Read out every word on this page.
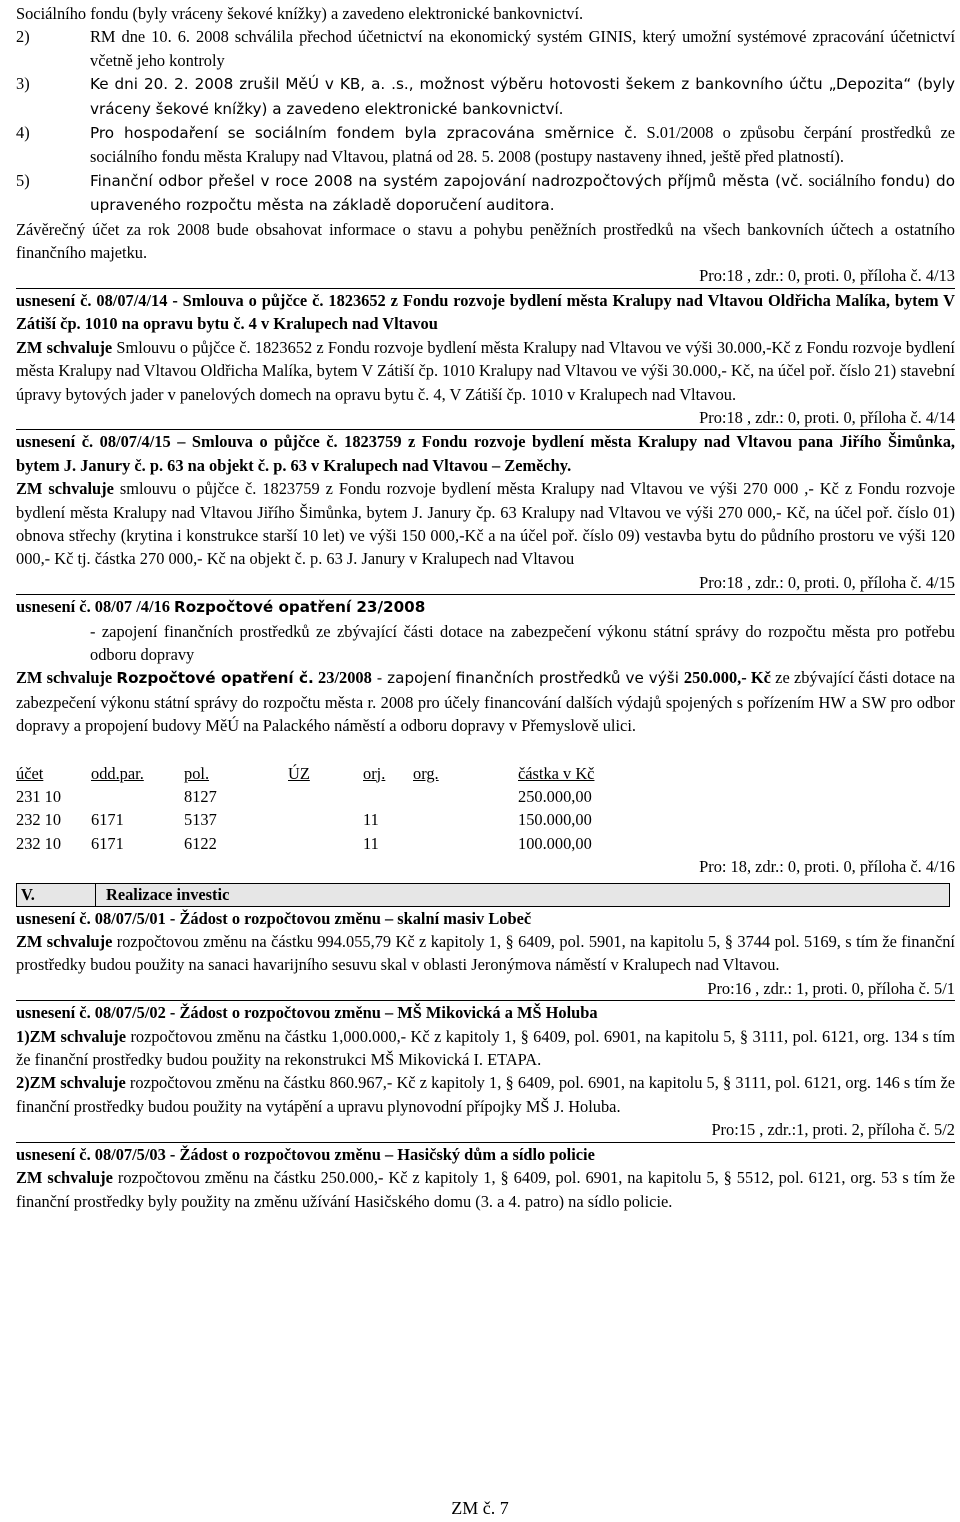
Sociálního fondu (byly vráceny šekové knížky) a zavedeno elektronické bankovnictví.

2)	RM dne 10. 6. 2008 schválila přechod účetnictví na ekonomický systém GINIS, který umožní systémové zpracování účetnictví včetně jeho kontroly

3)	Ke dni 20. 2. 2008 zrušil MěÚ v KB, a. .s., možnost výběru hotovosti šekem z bankovního účtu „Depozita“ (byly vráceny šekové knížky) a zavedeno elektronické bankovnictví.

4)	Pro hospodaření se sociálním fondem byla zpracována směrnice č. S.01/2008 o způsobu čerpání prostředků ze sociálního fondu města Kralupy nad Vltavou, platná od 28. 5. 2008 (postupy nastaveny ihned, ještě před platností).

5)	Finanční odbor přešel v roce 2008 na systém zapojování nadrozpočtových příjmů města (vč. sociálního fondu) do upraveného rozpočtu města na základě doporučení auditora.

Závěrečný účet za rok 2008 bude obsahovat informace o stavu a pohybu peněžních prostředků na všech bankovních účtech a ostatního finančního majetku.

Pro:18 , zdr.: 0, proti. 0, příloha č. 4/13

usnesení č. 08/07/4/14 - Smlouva o půjčce č. 1823652 z Fondu rozvoje bydlení města Kralupy nad Vltavou Oldřicha Malíka, bytem V Zátiší čp. 1010 na opravu bytu č. 4 v Kralupech nad Vltavou

ZM schvaluje Smlouvu o půjčce č. 1823652 z Fondu rozvoje bydlení města Kralupy nad Vltavou ve výši 30.000,-Kč z Fondu rozvoje bydlení města Kralupy nad Vltavou Oldřicha Malíka, bytem V Zátiší čp. 1010 Kralupy nad Vltavou ve výši 30.000,- Kč, na účel poř. číslo 21) stavební úpravy bytových jader v panelových domech na opravu bytu č. 4, V Zátiší čp. 1010 v Kralupech nad Vltavou.

Pro:18 , zdr.: 0, proti. 0, příloha č. 4/14

usnesení č. 08/07/4/15 – Smlouva o půjčce č. 1823759 z Fondu rozvoje bydlení města Kralupy nad Vltavou pana Jiřího Šimůnka, bytem J. Janury č. p. 63 na objekt č. p. 63 v Kralupech nad Vltavou – Zeměchy.

ZM schvaluje smlouvu o půjčce č. 1823759 z Fondu rozvoje bydlení města Kralupy nad Vltavou ve výši 270 000 ,- Kč z Fondu rozvoje bydlení města Kralupy nad Vltavou Jiřího Šimůnka, bytem J. Janury čp. 63 Kralupy nad Vltavou ve výši 270 000,- Kč, na účel poř. číslo 01) obnova střechy (krytina i konstrukce starší 10 let) ve výši 150 000,-Kč a na účel poř. číslo 09) vestavba bytu do půdního prostoru ve výši 120 000,- Kč tj. částka 270 000,- Kč na objekt č. p. 63 J. Janury v Kralupech nad Vltavou

Pro:18 , zdr.: 0, proti. 0, příloha č. 4/15

usnesení č. 08/07 /4/16 Rozpočtové opatření 23/2008

- zapojení finančních prostředků ze zbývající části dotace na zabezpečení výkonu státní správy do rozpočtu města pro potřebu odboru dopravy

ZM schvaluje Rozpočtové opatření č. 23/2008 - zapojení finančních prostředků ve výši 250.000,- Kč ze zbývající části dotace na zabezpečení výkonu státní správy do rozpočtu města r. 2008 pro účely financování dalších výdajů spojených s pořízením HW a SW pro odbor dopravy a propojení budovy MěÚ na Palackého náměstí a odboru dopravy v Přemyslově ulici.

účet	odd.par.	pol.	ÚZ	orj.	org.	částka v Kč
231 10		8127				250.000,00
232 10	6171	5137		11		150.000,00
232 10	6171	6122		11		100.000,00

Pro: 18, zdr.: 0, proti. 0, příloha č. 4/16

V.	Realizace investic

usnesení č. 08/07/5/01 - Žádost o rozpočtovou změnu – skalní masiv Lobeč

ZM schvaluje rozpočtovou změnu na částku 994.055,79 Kč z kapitoly 1, § 6409, pol. 5901, na kapitolu 5, § 3744 pol. 5169, s tím že finanční prostředky budou použity na sanaci havarijního sesuvu skal v oblasti Jeronýmova náměstí v Kralupech nad Vltavou.

Pro:16 , zdr.: 1, proti. 0, příloha č. 5/1

usnesení č. 08/07/5/02 - Žádost o rozpočtovou změnu – MŠ Mikovická a MŠ Holuba

1)ZM schvaluje rozpočtovou změnu na částku 1,000.000,- Kč z kapitoly 1, § 6409, pol. 6901, na kapitolu 5, § 3111, pol. 6121, org. 134 s tím že finanční prostředky budou použity na rekonstrukci MŠ Mikovická I. ETAPA.

2)ZM schvaluje rozpočtovou změnu na částku 860.967,- Kč z kapitoly 1, § 6409, pol. 6901, na kapitolu 5, § 3111, pol. 6121, org. 146 s tím že finanční prostředky budou použity na vytápění a upravu plynovodní přípojky MŠ J. Holuba.

Pro:15 , zdr.:1, proti. 2, příloha č. 5/2

usnesení č. 08/07/5/03 - Žádost o rozpočtovou změnu – Hasičský dům a sídlo policie

ZM schvaluje rozpočtovou změnu na částku 250.000,- Kč z kapitoly 1, § 6409, pol. 6901, na kapitolu 5, § 5512, pol. 6121, org. 53 s tím že finanční prostředky byly použity na změnu užívání Hasičského domu (3. a 4. patro) na sídlo policie.

ZM č. 7
